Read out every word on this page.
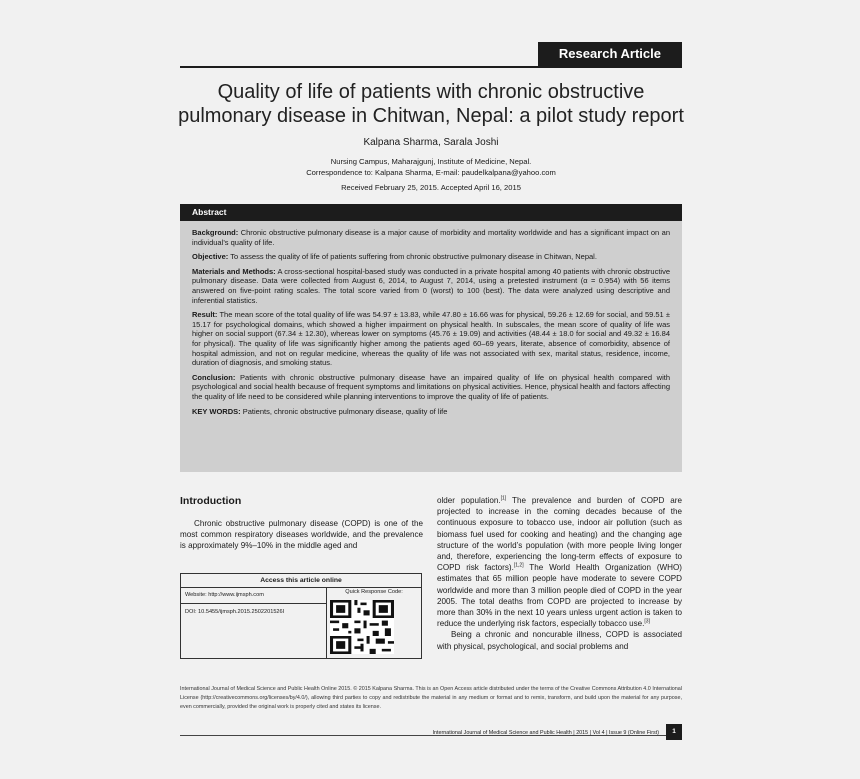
Research Article
Quality of life of patients with chronic obstructive pulmonary disease in Chitwan, Nepal: a pilot study report
Kalpana Sharma, Sarala Joshi
Nursing Campus, Maharajgunj, Institute of Medicine, Nepal.
Correspondence to: Kalpana Sharma, E-mail: paudelkalpana@yahoo.com
Received February 25, 2015. Accepted April 16, 2015
Abstract

Background: Chronic obstructive pulmonary disease is a major cause of morbidity and mortality worldwide and has a significant impact on an individual’s quality of life.

Objective: To assess the quality of life of patients suffering from chronic obstructive pulmonary disease in Chitwan, Nepal.

Materials and Methods: A cross-sectional hospital-based study was conducted in a private hospital among 40 patients with chronic obstructive pulmonary disease. Data were collected from August 6, 2014, to August 7, 2014, using a pretested instrument (α = 0.954) with 56 items answered on five-point rating scales. The total score varied from 0 (worst) to 100 (best). The data were analyzed using descriptive and inferential statistics.

Result: The mean score of the total quality of life was 54.97 ± 13.83, while 47.80 ± 16.66 was for physical, 59.26 ± 12.69 for social, and 59.51 ± 15.17 for psychological domains, which showed a higher impairment on physical health. In subscales, the mean score of quality of life was higher on social support (67.34 ± 12.30), whereas lower on symptoms (45.76 ± 19.09) and activities (48.44 ± 18.0 for social and 49.32 ± 16.84 for physical). The quality of life was significantly higher among the patients aged 60–69 years, literate, absence of comorbidity, absence of hospital admission, and not on regular medicine, whereas the quality of life was not associated with sex, marital status, residence, income, duration of diagnosis, and smoking status.

Conclusion: Patients with chronic obstructive pulmonary disease have an impaired quality of life on physical health compared with psychological and social health because of frequent symptoms and limitations on physical activities. Hence, physical health and factors affecting the quality of life need to be considered while planning interventions to improve the quality of life of patients.

KEY WORDS: Patients, chronic obstructive pulmonary disease, quality of life

Introduction

Chronic obstructive pulmonary disease (COPD) is one of the most common respiratory diseases worldwide, and the prevalence is approximately 9%–10% in the middle aged and

Access this article online
Website: http://www.ijmsph.com
DOI: 10.5455/ijmsph.2015.2502201526I
Quick Response Code:

older population.[1] The prevalence and burden of COPD are projected to increase in the coming decades because of the continuous exposure to tobacco use, indoor air pollution (such as biomass fuel used for cooking and heating) and the changing age structure of the world’s population (with more people living longer and, therefore, experiencing the long-term effects of exposure to COPD risk factors).[1,2] The World Health Organization (WHO) estimates that 65 million people have moderate to severe COPD worldwide and more than 3 million people died of COPD in the year 2005. The total deaths from COPD are projected to increase by more than 30% in the next 10 years unless urgent action is taken to reduce the underlying risk factors, especially tobacco use.[3]

Being a chronic and noncurable illness, COPD is associated with physical, psychological, and social problems and

International Journal of Medical Science and Public Health Online 2015. © 2015 Kalpana Sharma. This is an Open Access article distributed under the terms of the Creative Commons Attribution 4.0 International License (http://creativecommons.org/licenses/by/4.0/), allowing third parties to copy and redistribute the material in any medium or format and to remix, transform, and build upon the material for any purpose, even commercially, provided the original work is properly cited and states its license.
International Journal of Medical Science and Public Health | 2015 | Vol 4 | Issue 9 (Online First)	1
